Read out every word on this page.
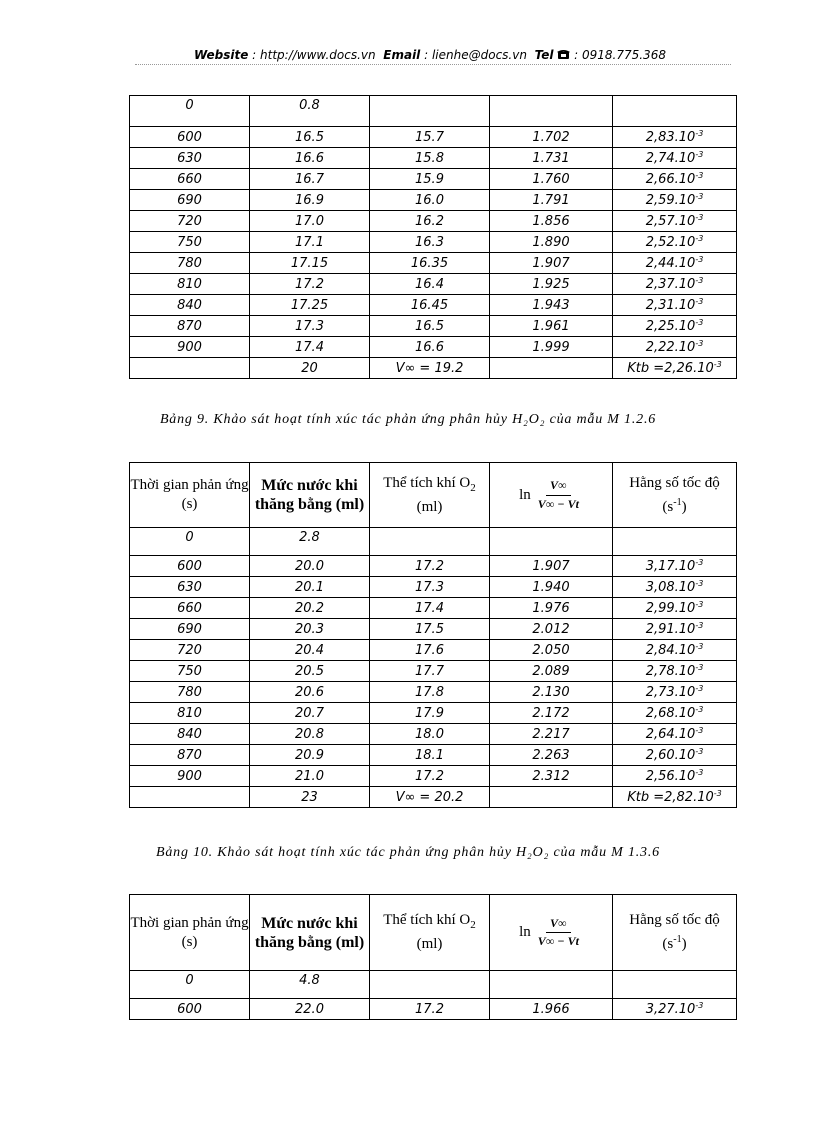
Website : http://www.docs.vn Email : lienhe@docs.vn Tel  : 0918.775.368
0	0.8			
600	16.5	15.7	1.702	$2,83.10^{-3}$
630	16.6	15.8	1.731	$2,74.10^{-3}$
660	16.7	15.9	1.760	$2,66.10^{-3}$
690	16.9	16.0	1.791	$2,59.10^{-3}$
720	17.0	16.2	1.856	$2,57.10^{-3}$
750	17.1	16.3	1.890	$2,52.10^{-3}$
780	17.15	16.35	1.907	$2,44.10^{-3}$
810	17.2	16.4	1.925	$2,37.10^{-3}$
840	17.25	16.45	1.943	$2,31.10^{-3}$
870	17.3	16.5	1.961	$2,25.10^{-3}$
900	17.4	16.6	1.999	$2,22.10^{-3}$
	20	V∞ = 19.2		Ktb $=2,26.10^{-3}$
Bảng 9. Khảo sát hoạt tính xúc tác phản ứng phân hủy H₂O₂ của mẫu M 1.2.6
Thời gian phản ứng (s)	Mức nước khi thăng bằng (ml)	Thể tích khí $O_2$ (ml)	$\ln \frac{V\infty}{V\infty - Vt}$	Hằng số tốc độ
$(s^{-1})$
0	2.8			
600	20.0	17.2	1.907	$3,17.10^{-3}$
630	20.1	17.3	1.940	$3,08.10^{-3}$
660	20.2	17.4	1.976	$2,99.10^{-3}$
690	20.3	17.5	2.012	$2,91.10^{-3}$
720	20.4	17.6	2.050	$2,84.10^{-3}$
750	20.5	17.7	2.089	$2,78.10^{-3}$
780	20.6	17.8	2.130	$2,73.10^{-3}$
810	20.7	17.9	2.172	$2,68.10^{-3}$
840	20.8	18.0	2.217	$2,64.10^{-3}$
870	20.9	18.1	2.263	$2,60.10^{-3}$
900	21.0	17.2	2.312	$2,56.10^{-3}$
	23	V∞ = 20.2		Ktb $=2,82.10^{-3}$
Bảng 10. Khảo sát hoạt tính xúc tác phản ứng phân hủy H₂O₂ của mẫu M 1.3.6
Thời gian phản ứng (s)	Mức nước khi thăng bằng (ml)	Thể tích khí $O_2$ (ml)	$\ln \frac{V\infty}{V\infty - Vt}$	Hằng số tốc độ
$(s^{-1})$
0	4.8			
600	22.0	17.2	1.966	$3,27.10^{-3}$
